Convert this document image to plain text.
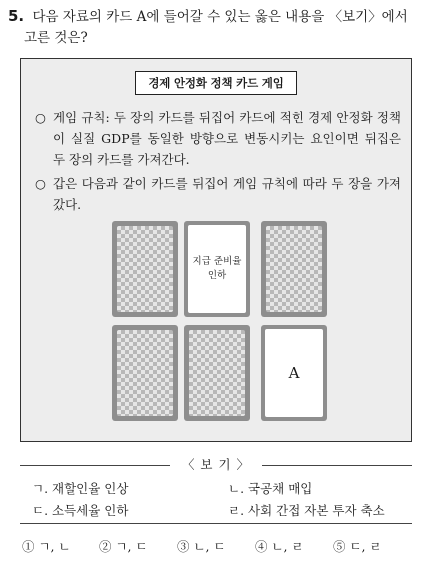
5. 다음 자료의 카드 A에 들어갈 수 있는 옳은 내용을 〈보기〉에서
고른 것은?
경제 안정화 정책 카드 게임
○ 게임 규칙: 두 장의 카드를 뒤집어 카드에 적힌 경제 안정화 정책이 실질 GDP를 동일한 방향으로 변동시키는 요인이면 뒤집은 두 장의 카드를 가져간다.
○ 갑은 다음과 같이 카드를 뒤집어 게임 규칙에 따라 두 장을 가져갔다.
지급 준비율
인하
A
〈 보 기 〉
ㄱ. 재할인율 인상	ㄴ. 국공채 매입
ㄷ. 소득세율 인하	ㄹ. 사회 간접 자본 투자 축소
① ㄱ, ㄴ ② ㄱ, ㄷ ③ ㄴ, ㄷ ④ ㄴ, ㄹ ⑤ ㄷ, ㄹ
